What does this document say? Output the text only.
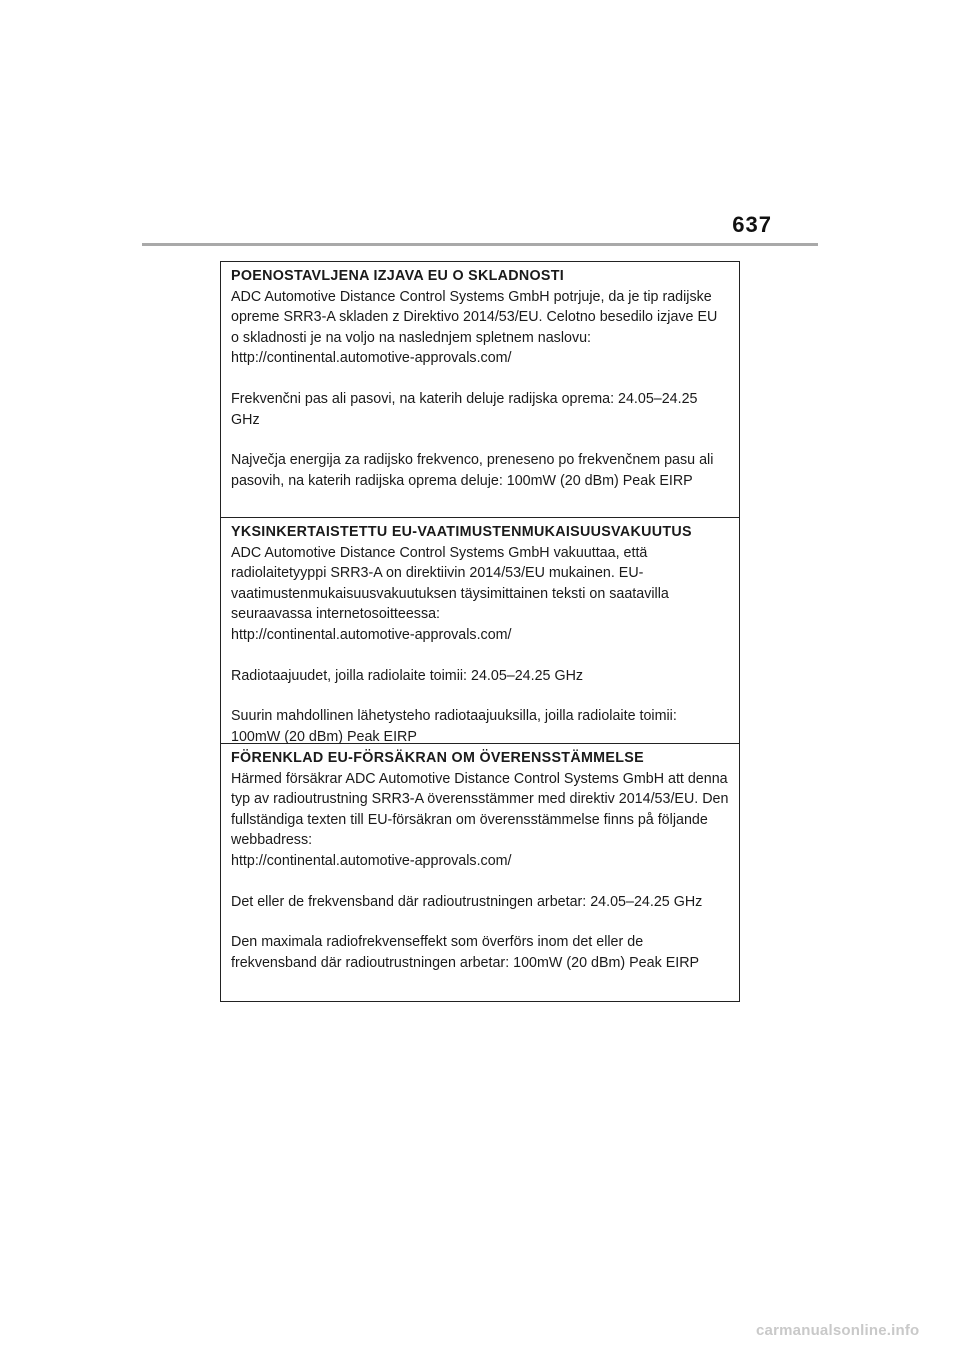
637
POENOSTAVLJENA IZJAVA EU O SKLADNOSTI

ADC Automotive Distance Control Systems GmbH potrjuje, da je tip radijske opreme SRR3-A skladen z Direktivo 2014/53/EU. Celotno besedilo izjave EU o skladnosti je na voljo na naslednjem spletnem naslovu:

http://continental.automotive-approvals.com/

Frekvenčni pas ali pasovi, na katerih deluje radijska oprema: 24.05–24.25 GHz

Največja energija za radijsko frekvenco, preneseno po frekvenčnem pasu ali pasovih, na katerih radijska oprema deluje: 100mW (20 dBm) Peak EIRP

YKSINKERTAISTETTU EU-VAATIMUSTENMUKAISUUSVAKUUTUS

ADC Automotive Distance Control Systems GmbH vakuuttaa, että radiolaitetyyppi SRR3-A on direktiivin 2014/53/EU mukainen. EU-vaatimustenmukaisuusvakuutuksen täysimittainen teksti on saatavilla seuraavassa internetosoitteessa:

http://continental.automotive-approvals.com/

Radiotaajuudet, joilla radiolaite toimii: 24.05–24.25 GHz

Suurin mahdollinen lähetysteho radiotaajuuksilla, joilla radiolaite toimii: 100mW (20 dBm) Peak EIRP

FÖRENKLAD EU-FÖRSÄKRAN OM ÖVERENSSTÄMMELSE

Härmed försäkrar ADC Automotive Distance Control Systems GmbH att denna typ av radioutrustning SRR3-A överensstämmer med direktiv 2014/53/EU. Den fullständiga texten till EU-försäkran om överensstämmelse finns på följande webbadress:

http://continental.automotive-approvals.com/

Det eller de frekvensband där radioutrustningen arbetar: 24.05–24.25 GHz

Den maximala radiofrekvenseffekt som överförs inom det eller de frekvensband där radioutrustningen arbetar: 100mW (20 dBm) Peak EIRP

carmanualsonline.info
